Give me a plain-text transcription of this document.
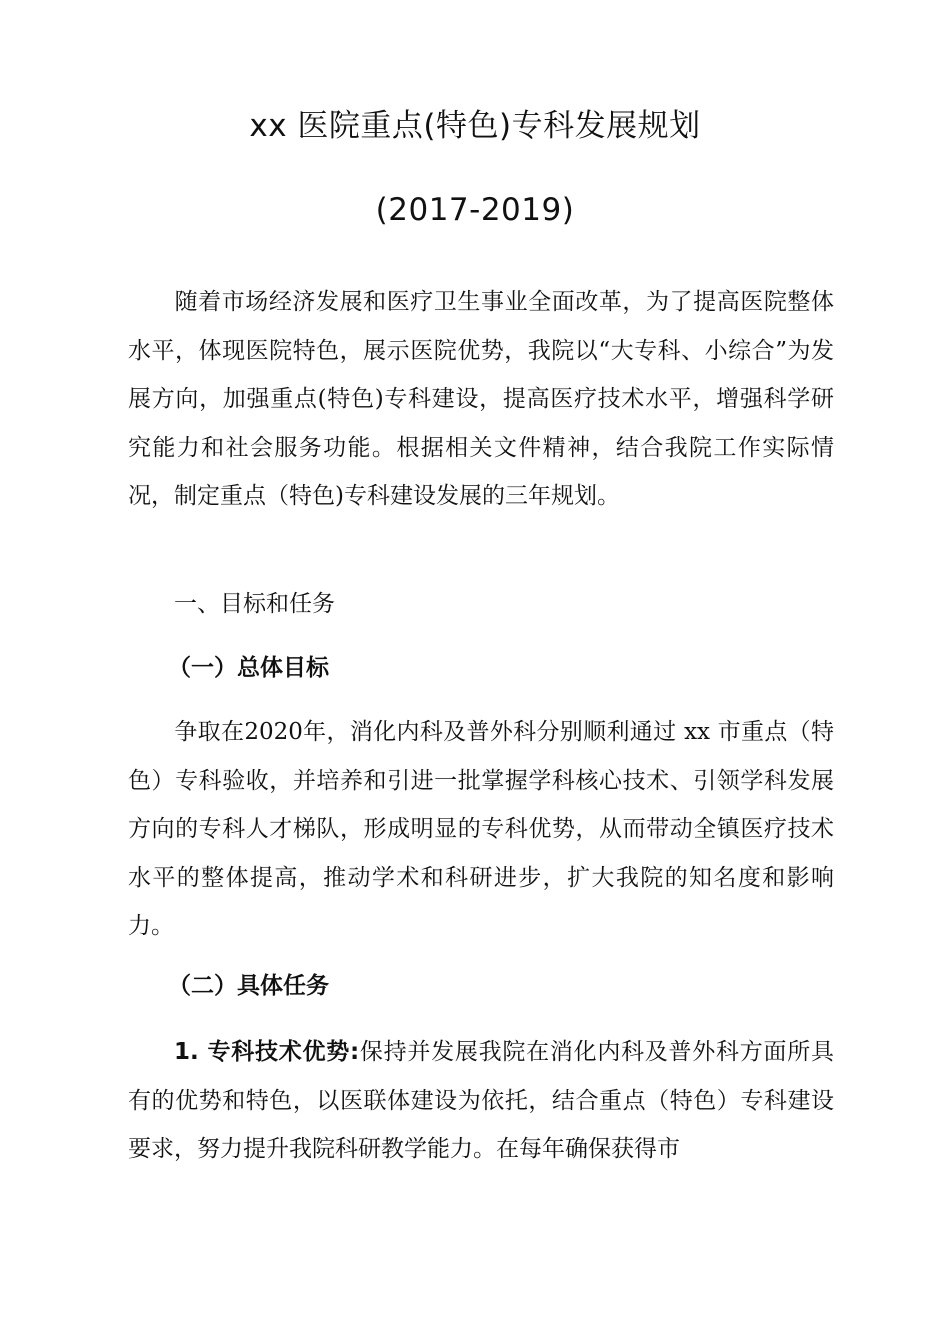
xx 医院重点(特色)专科发展规划
(2017-2019)

随着市场经济发展和医疗卫生事业全面改革，为了提高医院整体水平，体现医院特色，展示医院优势，我院以“大专科、小综合”为发展方向，加强重点(特色)专科建设，提高医疗技术水平，增强科学研究能力和社会服务功能。根据相关文件精神，结合我院工作实际情况，制定重点（特色)专科建设发展的三年规划。

一、目标和任务
（一）总体目标

争取在2020年，消化内科及普外科分别顺利通过 xx 市重点（特色）专科验收，并培养和引进一批掌握学科核心技术、引领学科发展方向的专科人才梯队，形成明显的专科优势，从而带动全镇医疗技术水平的整体提高，推动学术和科研进步，扩大我院的知名度和影响力。

（二）具体任务

1. 专科技术优势:保持并发展我院在消化内科及普外科方面所具有的优势和特色，以医联体建设为依托，结合重点（特色）专科建设要求，努力提升我院科研教学能力。在每年确保获得市
